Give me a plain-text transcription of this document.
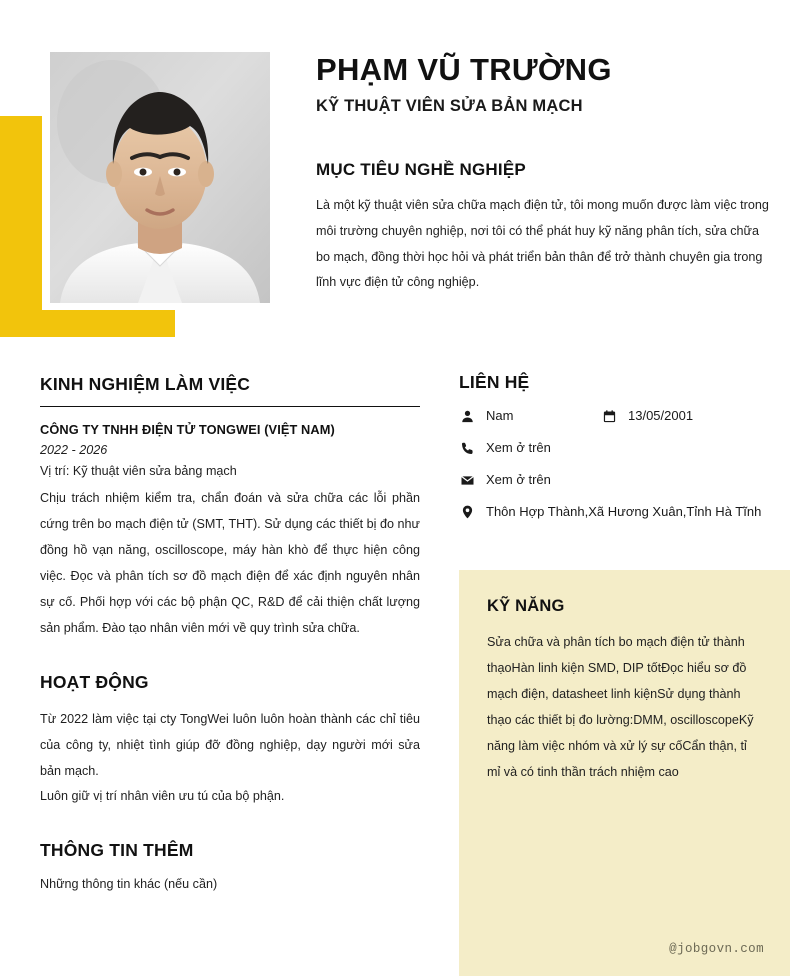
PHẠM VŨ TRƯỜNG
KỸ THUẬT VIÊN SỬA BẢN MẠCH
MỤC TIÊU NGHỀ NGHIỆP
Là một kỹ thuật viên sửa chữa mạch điện tử, tôi mong muốn được làm việc trong môi trường chuyên nghiệp, nơi tôi có thể phát huy kỹ năng phân tích, sửa chữa bo mạch, đồng thời học hỏi và phát triển bản thân để trở thành chuyên gia trong lĩnh vực điện tử công nghiệp.
KINH NGHIỆM LÀM VIỆC
CÔNG TY TNHH ĐIỆN TỬ TONGWEI (VIỆT NAM)
2022 - 2026
Vị trí: Kỹ thuật viên sửa bảng mạch
Chịu trách nhiệm kiểm tra, chẩn đoán và sửa chữa các lỗi phần cứng trên bo mạch điện tử (SMT, THT). Sử dụng các thiết bị đo như đồng hồ vạn năng, oscilloscope, máy hàn khò để thực hiện công việc. Đọc và phân tích sơ đồ mạch điện để xác định nguyên nhân sự cố. Phối hợp với các bộ phận QC, R&D để cải thiện chất lượng sản phẩm. Đào tạo nhân viên mới về quy trình sửa chữa.
HOẠT ĐỘNG
Từ 2022 làm việc tại cty TongWei luôn luôn hoàn thành các chỉ tiêu của công ty, nhiệt tình giúp đỡ đồng nghiệp, dạy người mới sửa bản mạch.
Luôn giữ vị trí nhân viên ưu tú của bộ phận.
THÔNG TIN THÊM
Những thông tin khác (nếu cần)
LIÊN HỆ
Nam	13/05/2001
Xem ở trên
Xem ở trên
Thôn Hợp Thành,Xã Hương Xuân,Tỉnh Hà Tĩnh
KỸ NĂNG
Sửa chữa và phân tích bo mạch điện tử thành thạoHàn linh kiện SMD, DIP tốtĐọc hiểu sơ đồ mạch điện, datasheet linh kiệnSử dụng thành thạo các thiết bị đo lường:DMM, oscilloscopeKỹ năng làm việc nhóm và xử lý sự cốCẩn thận, tỉ mỉ và có tinh thần trách nhiệm cao
@jobgovn.com
